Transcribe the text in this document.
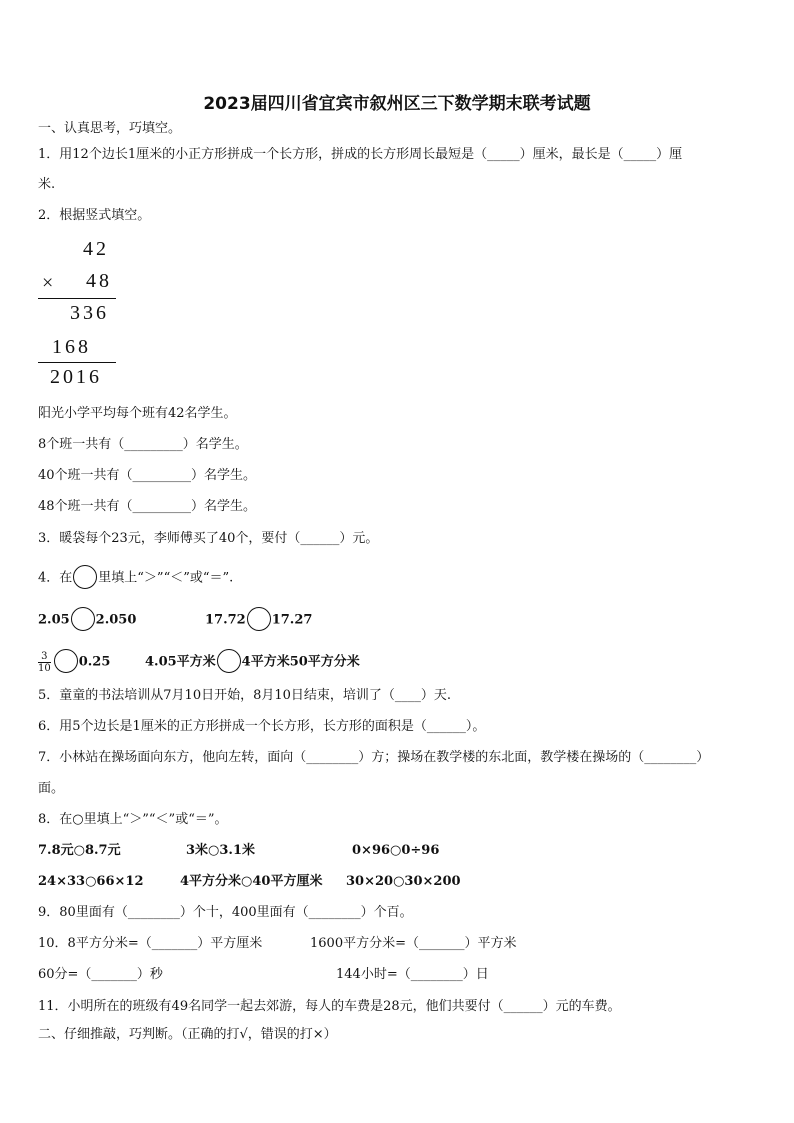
2023届四川省宜宾市叙州区三下数学期末联考试题
一、认真思考，巧填空。
1．用12个边长1厘米的小正方形拼成一个长方形，拼成的长方形周长最短是（_____）厘米，最长是（_____）厘
米.
2．根据竖式填空。
42
× 48
336
168
2016
阳光小学平均每个班有42名学生。
8个班一共有（_________）名学生。
40个班一共有（_________）名学生。
48个班一共有（_________）名学生。
3．暖袋每个23元，李师傅买了40个，要付（______）元。
4．在 里填上“＞”“＜”或“＝”.
2.05 2.050	17.72 17.27
$\frac{3}{10} 0.25$	4.05平方米 4平方米50平方分米
5．童童的书法培训从7月10日开始，8月10日结束，培训了（____）天.
6．用5个边长是1厘米的正方形拼成一个长方形，长方形的面积是（______）。
7．小林站在操场面向东方，他向左转，面向（________）方；操场在教学楼的东北面，教学楼在操场的（________）
面。
8．在○里填上“＞”“＜”或“＝”。
7.8元○8.7元	3米○3.1米	0×96○0÷96
24×33○66×12	4平方分米○40平方厘米 30×20○30×200
9．80里面有（________）个十，400里面有（________）个百。
10．8平方分米=（_______）平方厘米	1600平方分米=（_______）平方米
60分=（_______）秒	144小时=（________）日
11．小明所在的班级有49名同学一起去郊游，每人的车费是28元，他们共要付（______）元的车费。
二、仔细推敲，巧判断。（正确的打√，错误的打×）
